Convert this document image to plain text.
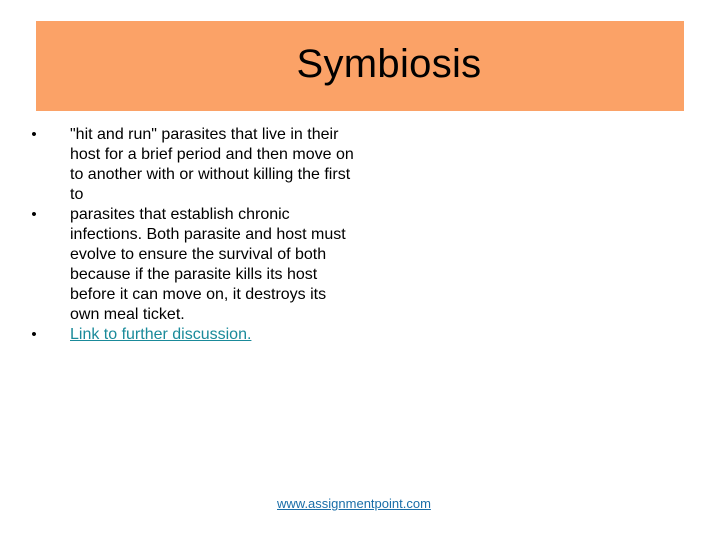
Symbiosis
• "hit and run" parasites that live in their host for a brief period and then move on to another with or without killing the first to
• parasites that establish chronic infections. Both parasite and host must evolve to ensure the survival of both because if the parasite kills its host before it can move on, it destroys its own meal ticket.
• Link to further discussion.
www.assignmentpoint.com
